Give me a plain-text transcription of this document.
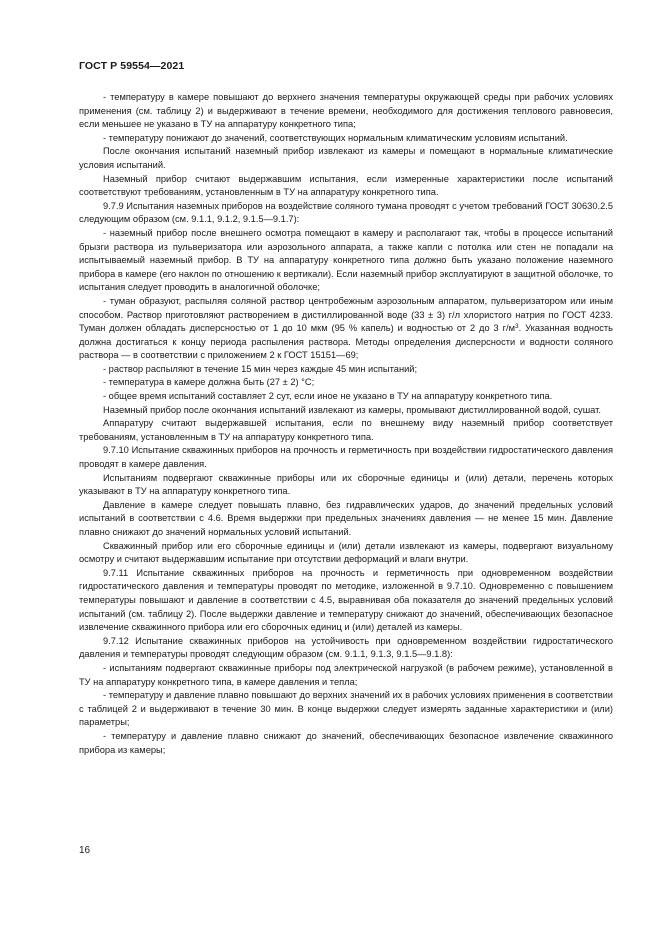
ГОСТ Р 59554—2021

- температуру в камере повышают до верхнего значения температуры окружающей среды при рабочих условиях применения (см. таблицу 2) и выдерживают в течение времени, необходимого для достижения теплового равновесия, если меньшее не указано в ТУ на аппаратуру конкретного типа;

- температуру понижают до значений, соответствующих нормальным климатическим условиям испытаний.

После окончания испытаний наземный прибор извлекают из камеры и помещают в нормальные климатические условия испытаний.

Наземный прибор считают выдержавшим испытания, если измеренные характеристики после испытаний соответствуют требованиям, установленным в ТУ на аппаратуру конкретного типа.

9.7.9 Испытания наземных приборов на воздействие соляного тумана проводят с учетом требований ГОСТ 30630.2.5 следующим образом (см. 9.1.1, 9.1.2, 9.1.5—9.1.7):

- наземный прибор после внешнего осмотра помещают в камеру и располагают так, чтобы в процессе испытаний брызги раствора из пульверизатора или аэрозольного аппарата, а также капли с потолка или стен не попадали на испытываемый наземный прибор. В ТУ на аппаратуру конкретного типа должно быть указано положение наземного прибора в камере (его наклон по отношению к вертикали). Если наземный прибор эксплуатируют в защитной оболочке, то испытания следует проводить в аналогичной оболочке;

- туман образуют, распыляя соляной раствор центробежным аэрозольным аппаратом, пульверизатором или иным способом. Раствор приготовляют растворением в дистиллированной воде (33 ± 3) г/л хлористого натрия по ГОСТ 4233. Туман должен обладать дисперсностью от 1 до 10 мкм (95 % капель) и водностью от 2 до 3 $г/м^3$. Указанная водность должна достигаться к концу периода распыления раствора. Методы определения дисперсности и водности соляного раствора — в соответствии с приложением 2 к ГОСТ 15151—69;

- раствор распыляют в течение 15 мин через каждые 45 мин испытаний;

- температура в камере должна быть (27 ± 2) °С;

- общее время испытаний составляет 2 сут, если иное не указано в ТУ на аппаратуру конкретного типа.

Наземный прибор после окончания испытаний извлекают из камеры, промывают дистиллированной водой, сушат.

Аппаратуру считают выдержавшей испытания, если по внешнему виду наземный прибор соответствует требованиям, установленным в ТУ на аппаратуру конкретного типа.

9.7.10 Испытание скважинных приборов на прочность и герметичность при воздействии гидростатического давления проводят в камере давления.

Испытаниям подвергают скважинные приборы или их сборочные единицы и (или) детали, перечень которых указывают в ТУ на аппаратуру конкретного типа.

Давление в камере следует повышать плавно, без гидравлических ударов, до значений предельных условий испытаний в соответствии с 4.6. Время выдержки при предельных значениях давления — не менее 15 мин. Давление плавно снижают до значений нормальных условий испытаний.

Скважинный прибор или его сборочные единицы и (или) детали извлекают из камеры, подвергают визуальному осмотру и считают выдержавшим испытание при отсутствии деформаций и влаги внутри.

9.7.11 Испытание скважинных приборов на прочность и герметичность при одновременном воздействии гидростатического давления и температуры проводят по методике, изложенной в 9.7.10. Одновременно с повышением температуры повышают и давление в соответствии с 4.5, выравнивая оба показателя до значений предельных условий испытаний (см. таблицу 2). После выдержки давление и температуру снижают до значений, обеспечивающих безопасное извлечение скважинного прибора или его сборочных единиц и (или) деталей из камеры.

9.7.12 Испытание скважинных приборов на устойчивость при одновременном воздействии гидростатического давления и температуры проводят следующим образом (см. 9.1.1, 9.1.3, 9.1.5—9.1.8):

- испытаниям подвергают скважинные приборы под электрической нагрузкой (в рабочем режиме), установленной в ТУ на аппаратуру конкретного типа, в камере давления и тепла;

- температуру и давление плавно повышают до верхних значений их в рабочих условиях применения в соответствии с таблицей 2 и выдерживают в течение 30 мин. В конце выдержки следует измерять заданные характеристики и (или) параметры;

- температуру и давление плавно снижают до значений, обеспечивающих безопасное извлечение скважинного прибора из камеры;

16
